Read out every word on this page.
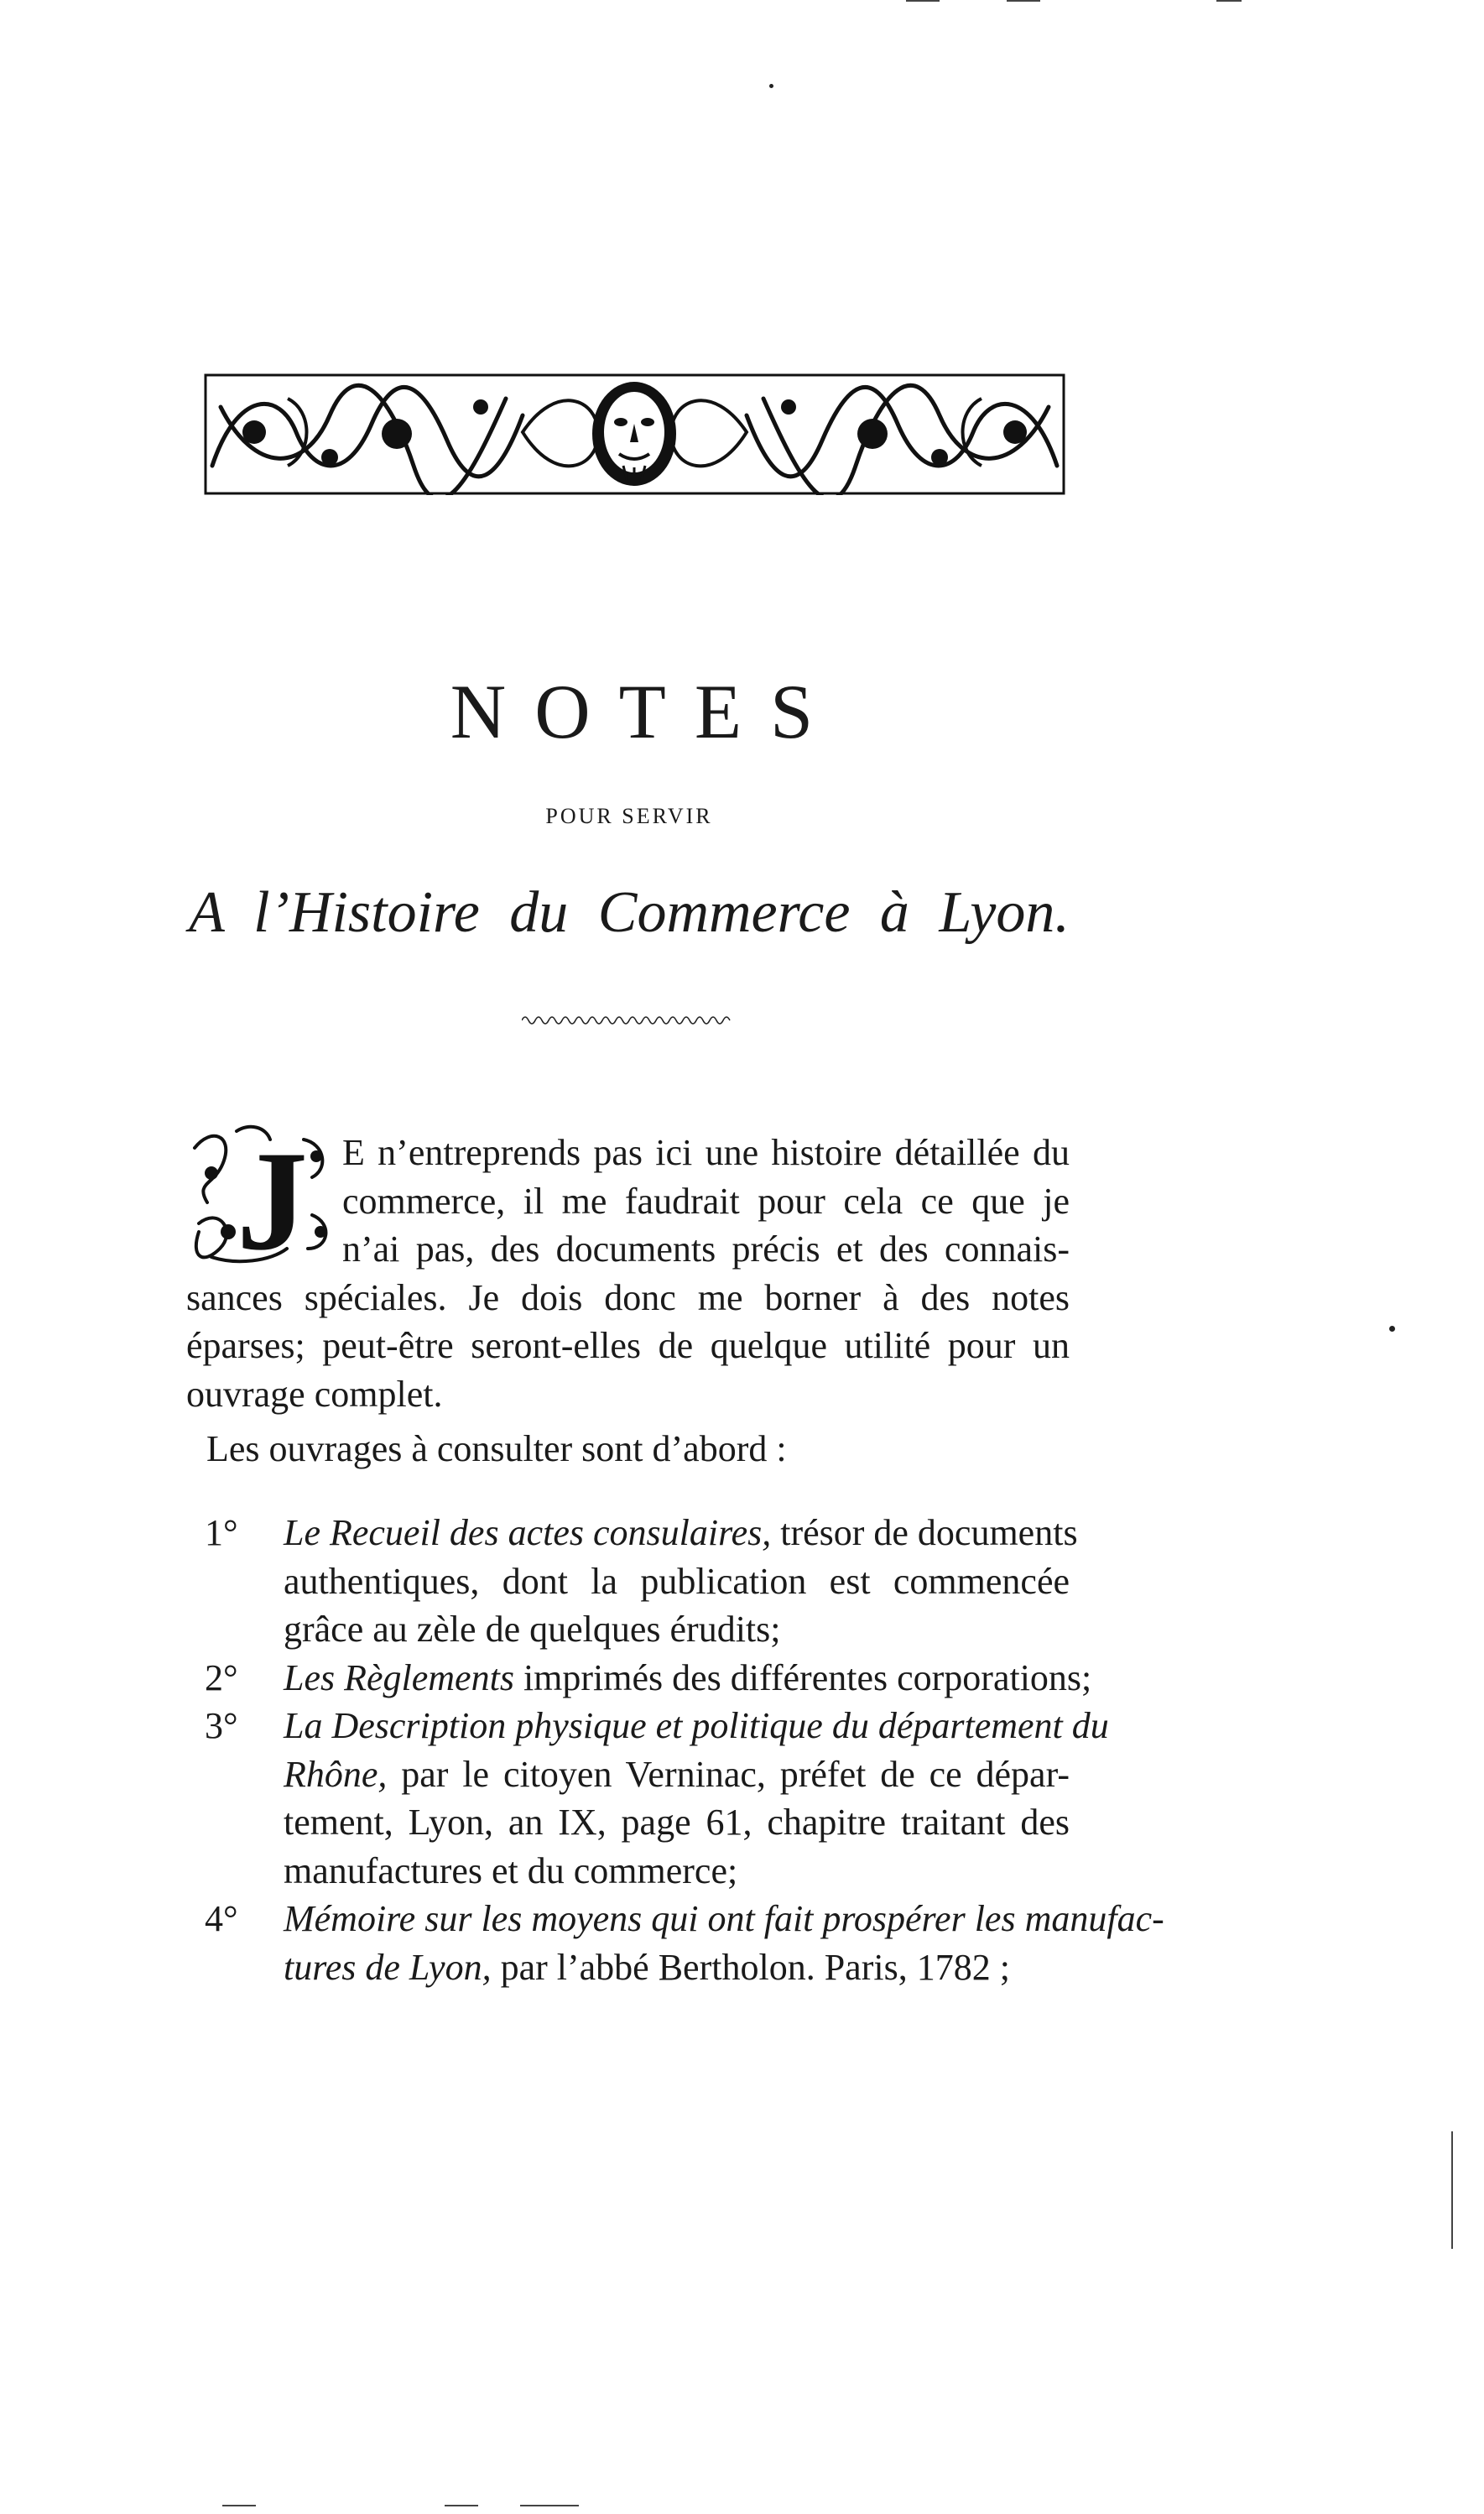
NOTES
POUR SERVIR
A l’Histoire du Commerce à Lyon.
J E n’entreprends pas ici une histoire détaillée du
commerce, il me faudrait pour cela ce que je
n’ai pas, des documents précis et des connais-
sances spéciales. Je dois donc me borner à des notes
éparses; peut-être seront-elles de quelque utilité pour un
ouvrage complet.
Les ouvrages à consulter sont d’abord :
1° Le Recueil des actes consulaires, trésor de documents
authentiques, dont la publication est commencée
grâce au zèle de quelques érudits;
2° Les Règlements imprimés des différentes corporations;
3° La Description physique et politique du département du
Rhône, par le citoyen Verninac, préfet de ce dépar-
tement, Lyon, an IX, page 61, chapitre traitant des
manufactures et du commerce;
4° Mémoire sur les moyens qui ont fait prospérer les manufac-
tures de Lyon, par l’abbé Bertholon. Paris, 1782 ;
